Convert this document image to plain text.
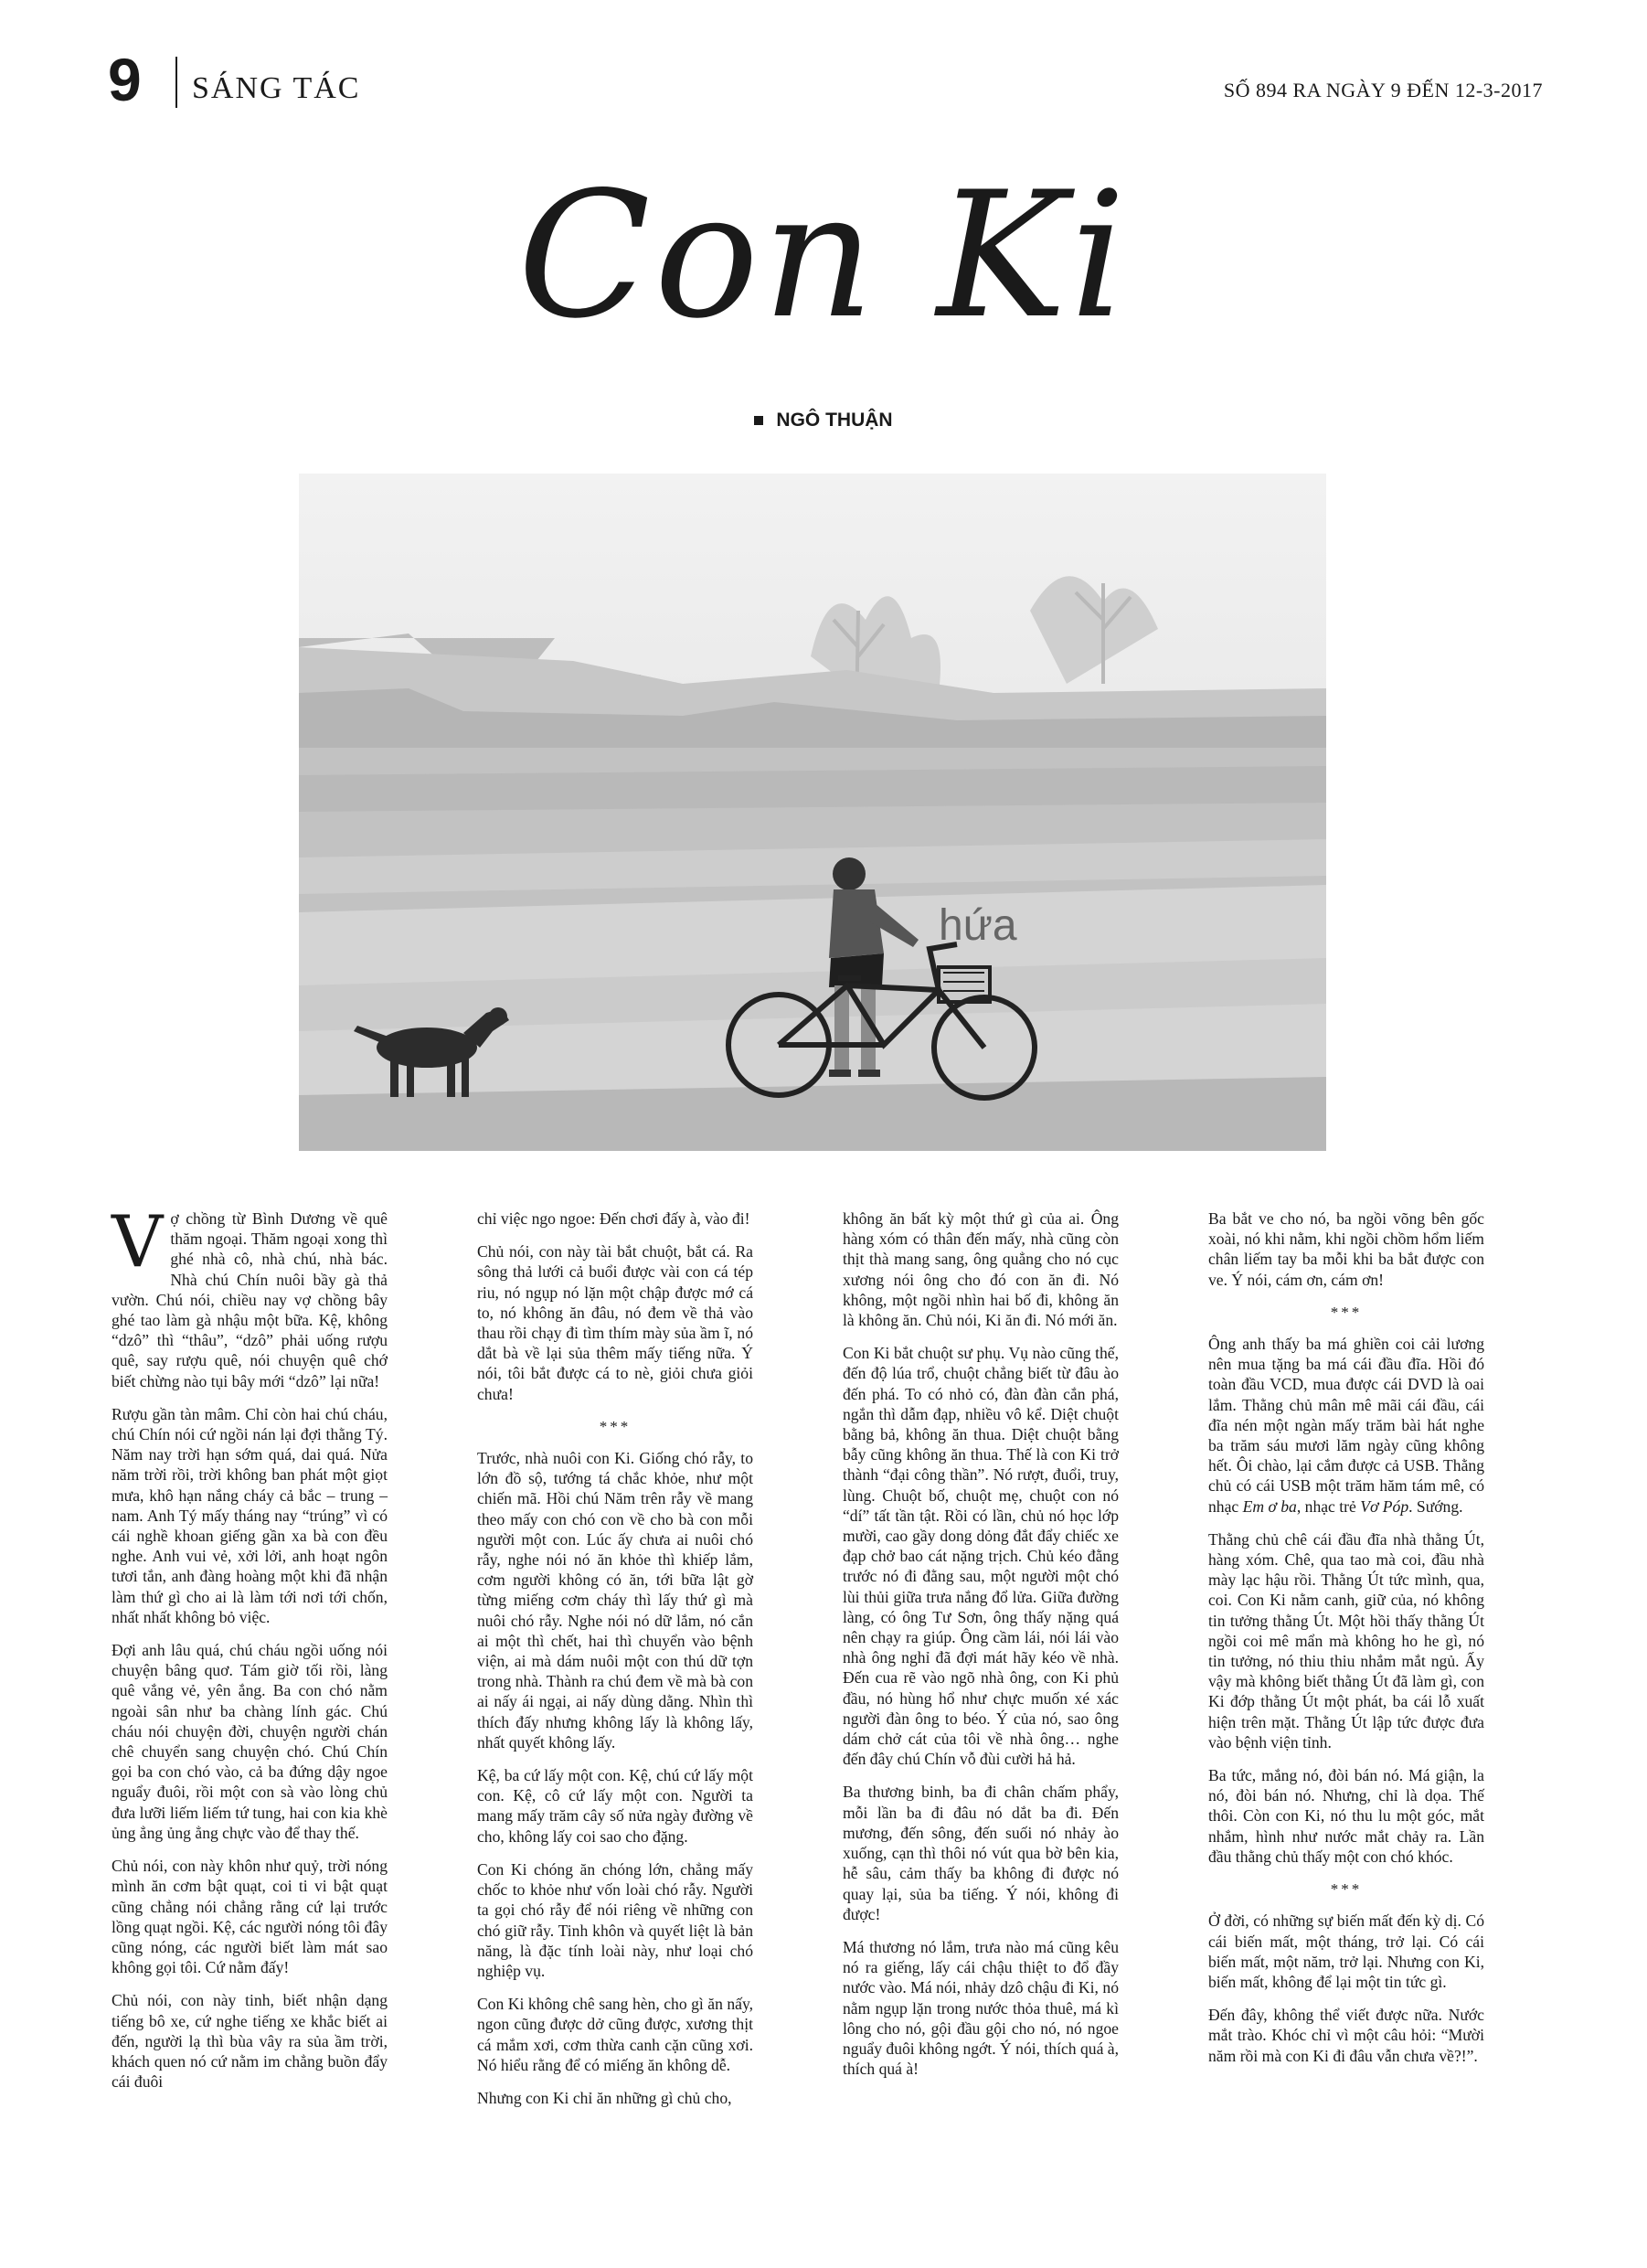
9 SÁNG TÁC	SỐ 894 RA NGÀY 9 ĐẾN 12-3-2017
Con Ki
NGÔ THUẬN
hứa

Vợ chồng từ Bình Dương về quê thăm ngoại. Thăm ngoại xong thì ghé nhà cô, nhà chú, nhà bác. Nhà chú Chín nuôi bầy gà thả vườn. Chú nói, chiều nay vợ chồng bây ghé tao làm gà nhậu một bữa. Kệ, không “dzô” thì “thâu”, “dzô” phải uống rượu quê, say rượu quê, nói chuyện quê chớ biết chừng nào tụi bây mới “dzô” lại nữa!

Rượu gần tàn mâm. Chỉ còn hai chú cháu, chú Chín nói cứ ngồi nán lại đợi thằng Tý. Năm nay trời hạn sớm quá, dai quá. Nửa năm trời rồi, trời không ban phát một giọt mưa, khô hạn nắng cháy cả bắc – trung – nam. Anh Tý mấy tháng nay “trúng” vì có cái nghề khoan giếng gần xa bà con đều nghe. Anh vui vẻ, xởi lởi, anh hoạt ngôn tươi tắn, anh đàng hoàng một khi đã nhận làm thứ gì cho ai là làm tới nơi tới chốn, nhất nhất không bỏ việc.

Đợi anh lâu quá, chú cháu ngồi uống nói chuyện bâng quơ. Tám giờ tối rồi, làng quê vắng vẻ, yên ắng. Ba con chó nằm ngoài sân như ba chàng lính gác. Chú cháu nói chuyện đời, chuyện người chán chê chuyển sang chuyện chó. Chú Chín gọi ba con chó vào, cả ba đứng dậy ngoe nguẩy đuôi, rồi một con sà vào lòng chủ đưa lưỡi liếm liếm tứ tung, hai con kia khè ủng ẳng ủng ẳng chực vào để thay thế.

Chủ nói, con này khôn như quỷ, trời nóng mình ăn cơm bật quạt, coi ti vi bật quạt cũng chẳng nói chẳng rằng cứ lại trước lồng quạt ngồi. Kệ, các người nóng tôi đây cũng nóng, các người biết làm mát sao không gọi tôi. Cứ nằm đấy!

Chủ nói, con này tinh, biết nhận dạng tiếng bô xe, cứ nghe tiếng xe khắc biết ai đến, người lạ thì bùa vây ra sủa ầm trời, khách quen nó cứ nằm im chẳng buồn đẩy cái đuôi

chỉ việc ngo ngoe: Đến chơi đấy à, vào đi!

Chủ nói, con này tài bắt chuột, bắt cá. Ra sông thả lưới cả buổi được vài con cá tép riu, nó ngụp nó lặn một chập được mớ cá to, nó không ăn đâu, nó đem về thả vào thau rồi chạy đi tìm thím mày sủa ầm ĩ, nó dắt bà về lại sủa thêm mấy tiếng nữa. Ý nói, tôi bắt được cá to nè, giỏi chưa giỏi chưa!

***

Trước, nhà nuôi con Ki. Giống chó rẫy, to lớn đồ sộ, tướng tá chắc khỏe, như một chiến mã. Hồi chú Năm trên rẫy về mang theo mấy con chó con về cho bà con mỗi người một con. Lúc ấy chưa ai nuôi chó rẫy, nghe nói nó ăn khỏe thì khiếp lắm, cơm người không có ăn, tới bữa lật gờ từng miếng cơm cháy thì lấy thứ gì mà nuôi chó rẫy. Nghe nói nó dữ lắm, nó cắn ai một thì chết, hai thì chuyển vào bệnh viện, ai mà dám nuôi một con thú dữ tợn trong nhà. Thành ra chú đem về mà bà con ai nấy ái ngại, ai nấy dùng dằng. Nhìn thì thích đấy nhưng không lấy là không lấy, nhất quyết không lấy.

Kệ, ba cứ lấy một con. Kệ, chú cứ lấy một con. Kệ, cô cứ lấy một con. Người ta mang mấy trăm cây số nửa ngày đường về cho, không lấy coi sao cho đặng.

Con Ki chóng ăn chóng lớn, chẳng mấy chốc to khỏe như vốn loài chó rẫy. Người ta gọi chó rẫy để nói riêng về những con chó giữ rẫy. Tinh khôn và quyết liệt là bản năng, là đặc tính loài này, như loại chó nghiệp vụ.

Con Ki không chê sang hèn, cho gì ăn nấy, ngon cũng được dở cũng được, xương thịt cá mắm xơi, cơm thừa canh cặn cũng xơi. Nó hiểu rằng để có miếng ăn không dễ.

Nhưng con Ki chỉ ăn những gì chủ cho,

không ăn bất kỳ một thứ gì của ai. Ông hàng xóm có thân đến mấy, nhà cũng còn thịt thà mang sang, ông quẳng cho nó cục xương nói ông cho đó con ăn đi. Nó không, một ngồi nhìn hai bố đi, không ăn là không ăn. Chủ nói, Ki ăn đi. Nó mới ăn.

Con Ki bắt chuột sư phụ. Vụ nào cũng thế, đến độ lúa trổ, chuột chẳng biết từ đâu ào đến phá. To có nhỏ có, đàn đàn cắn phá, ngắn thì dẫm đạp, nhiều vô kể. Diệt chuột bằng bả, không ăn thua. Diệt chuột bằng bẫy cũng không ăn thua. Thế là con Ki trở thành “đại công thần”. Nó rượt, đuổi, truy, lùng. Chuột bố, chuột mẹ, chuột con nó “dí” tất tần tật. Rồi có lần, chủ nó học lớp mười, cao gầy dong dỏng đắt đẩy chiếc xe đạp chở bao cát nặng trịch. Chủ kéo đằng trước nó đi đằng sau, một người một chó lùi thủi giữa trưa nắng đổ lửa. Giữa đường làng, có ông Tư Sơn, ông thấy nặng quá nên chạy ra giúp. Ông cầm lái, nói lái vào nhà ông nghỉ đã đợi mát hãy kéo về nhà. Đến cua rẽ vào ngõ nhà ông, con Ki phủ đầu, nó hùng hổ như chực muốn xé xác người đàn ông to béo. Ý của nó, sao ông dám chở cát của tôi về nhà ông… nghe đến đây chú Chín vỗ đùi cười hả hả.

Ba thương binh, ba đi chân chấm phẩy, mỗi lần ba đi đâu nó dắt ba đi. Đến mương, đến sông, đến suối nó nhảy ào xuống, cạn thì thôi nó vút qua bờ bên kia, hễ sâu, cảm thấy ba không đi được nó quay lại, sủa ba tiếng. Ý nói, không đi được!

Má thương nó lắm, trưa nào má cũng kêu nó ra giếng, lấy cái chậu thiệt to đổ đầy nước vào. Má nói, nhảy dzô chậu đi Ki, nó nằm ngụp lặn trong nước thỏa thuê, má kì lông cho nó, gội đầu gội cho nó, nó ngoe nguẩy đuôi không ngớt. Ý nói, thích quá à, thích quá à!

Ba bắt ve cho nó, ba ngồi võng bên gốc xoài, nó khi nằm, khi ngồi chồm hổm liếm chân liếm tay ba mỗi khi ba bắt được con ve. Ý nói, cám ơn, cám ơn!

***

Ông anh thấy ba má ghiền coi cải lương nên mua tặng ba má cái đầu đĩa. Hồi đó toàn đầu VCD, mua được cái DVD là oai lắm. Thằng chủ mân mê mãi cái đầu, cái đĩa nén một ngàn mấy trăm bài hát nghe ba trăm sáu mươi lăm ngày cũng không hết. Ôi chào, lại cắm được cả USB. Thằng chủ có cái USB một trăm hăm tám mê, có nhạc Em ơ ba, nhạc trẻ Vơ Póp. Sướng.

Thằng chủ chê cái đầu đĩa nhà thằng Út, hàng xóm. Chê, qua tao mà coi, đầu nhà mày lạc hậu rồi. Thằng Út tức mình, qua, coi. Con Ki nằm canh, giữ của, nó không tin tưởng thằng Út. Một hồi thấy thằng Út ngồi coi mê mẩn mà không ho he gì, nó tin tưởng, nó thiu thiu nhắm mắt ngủ. Ấy vậy mà không biết thằng Út đã làm gì, con Ki đớp thằng Út một phát, ba cái lỗ xuất hiện trên mặt. Thằng Út lập tức được đưa vào bệnh viện tỉnh.

Ba tức, mắng nó, đòi bán nó. Má giận, la nó, đòi bán nó. Nhưng, chỉ là dọa. Thế thôi. Còn con Ki, nó thu lu một góc, mắt nhắm, hình như nước mắt chảy ra. Lần đầu thằng chủ thấy một con chó khóc.

***

Ở đời, có những sự biến mất đến kỳ dị. Có cái biến mất, một tháng, trở lại. Có cái biến mất, một năm, trở lại. Nhưng con Ki, biến mất, không để lại một tin tức gì.

Đến đây, không thể viết được nữa. Nước mắt trào. Khóc chỉ vì một câu hỏi: “Mười năm rồi mà con Ki đi đâu vẫn chưa về?!”.
